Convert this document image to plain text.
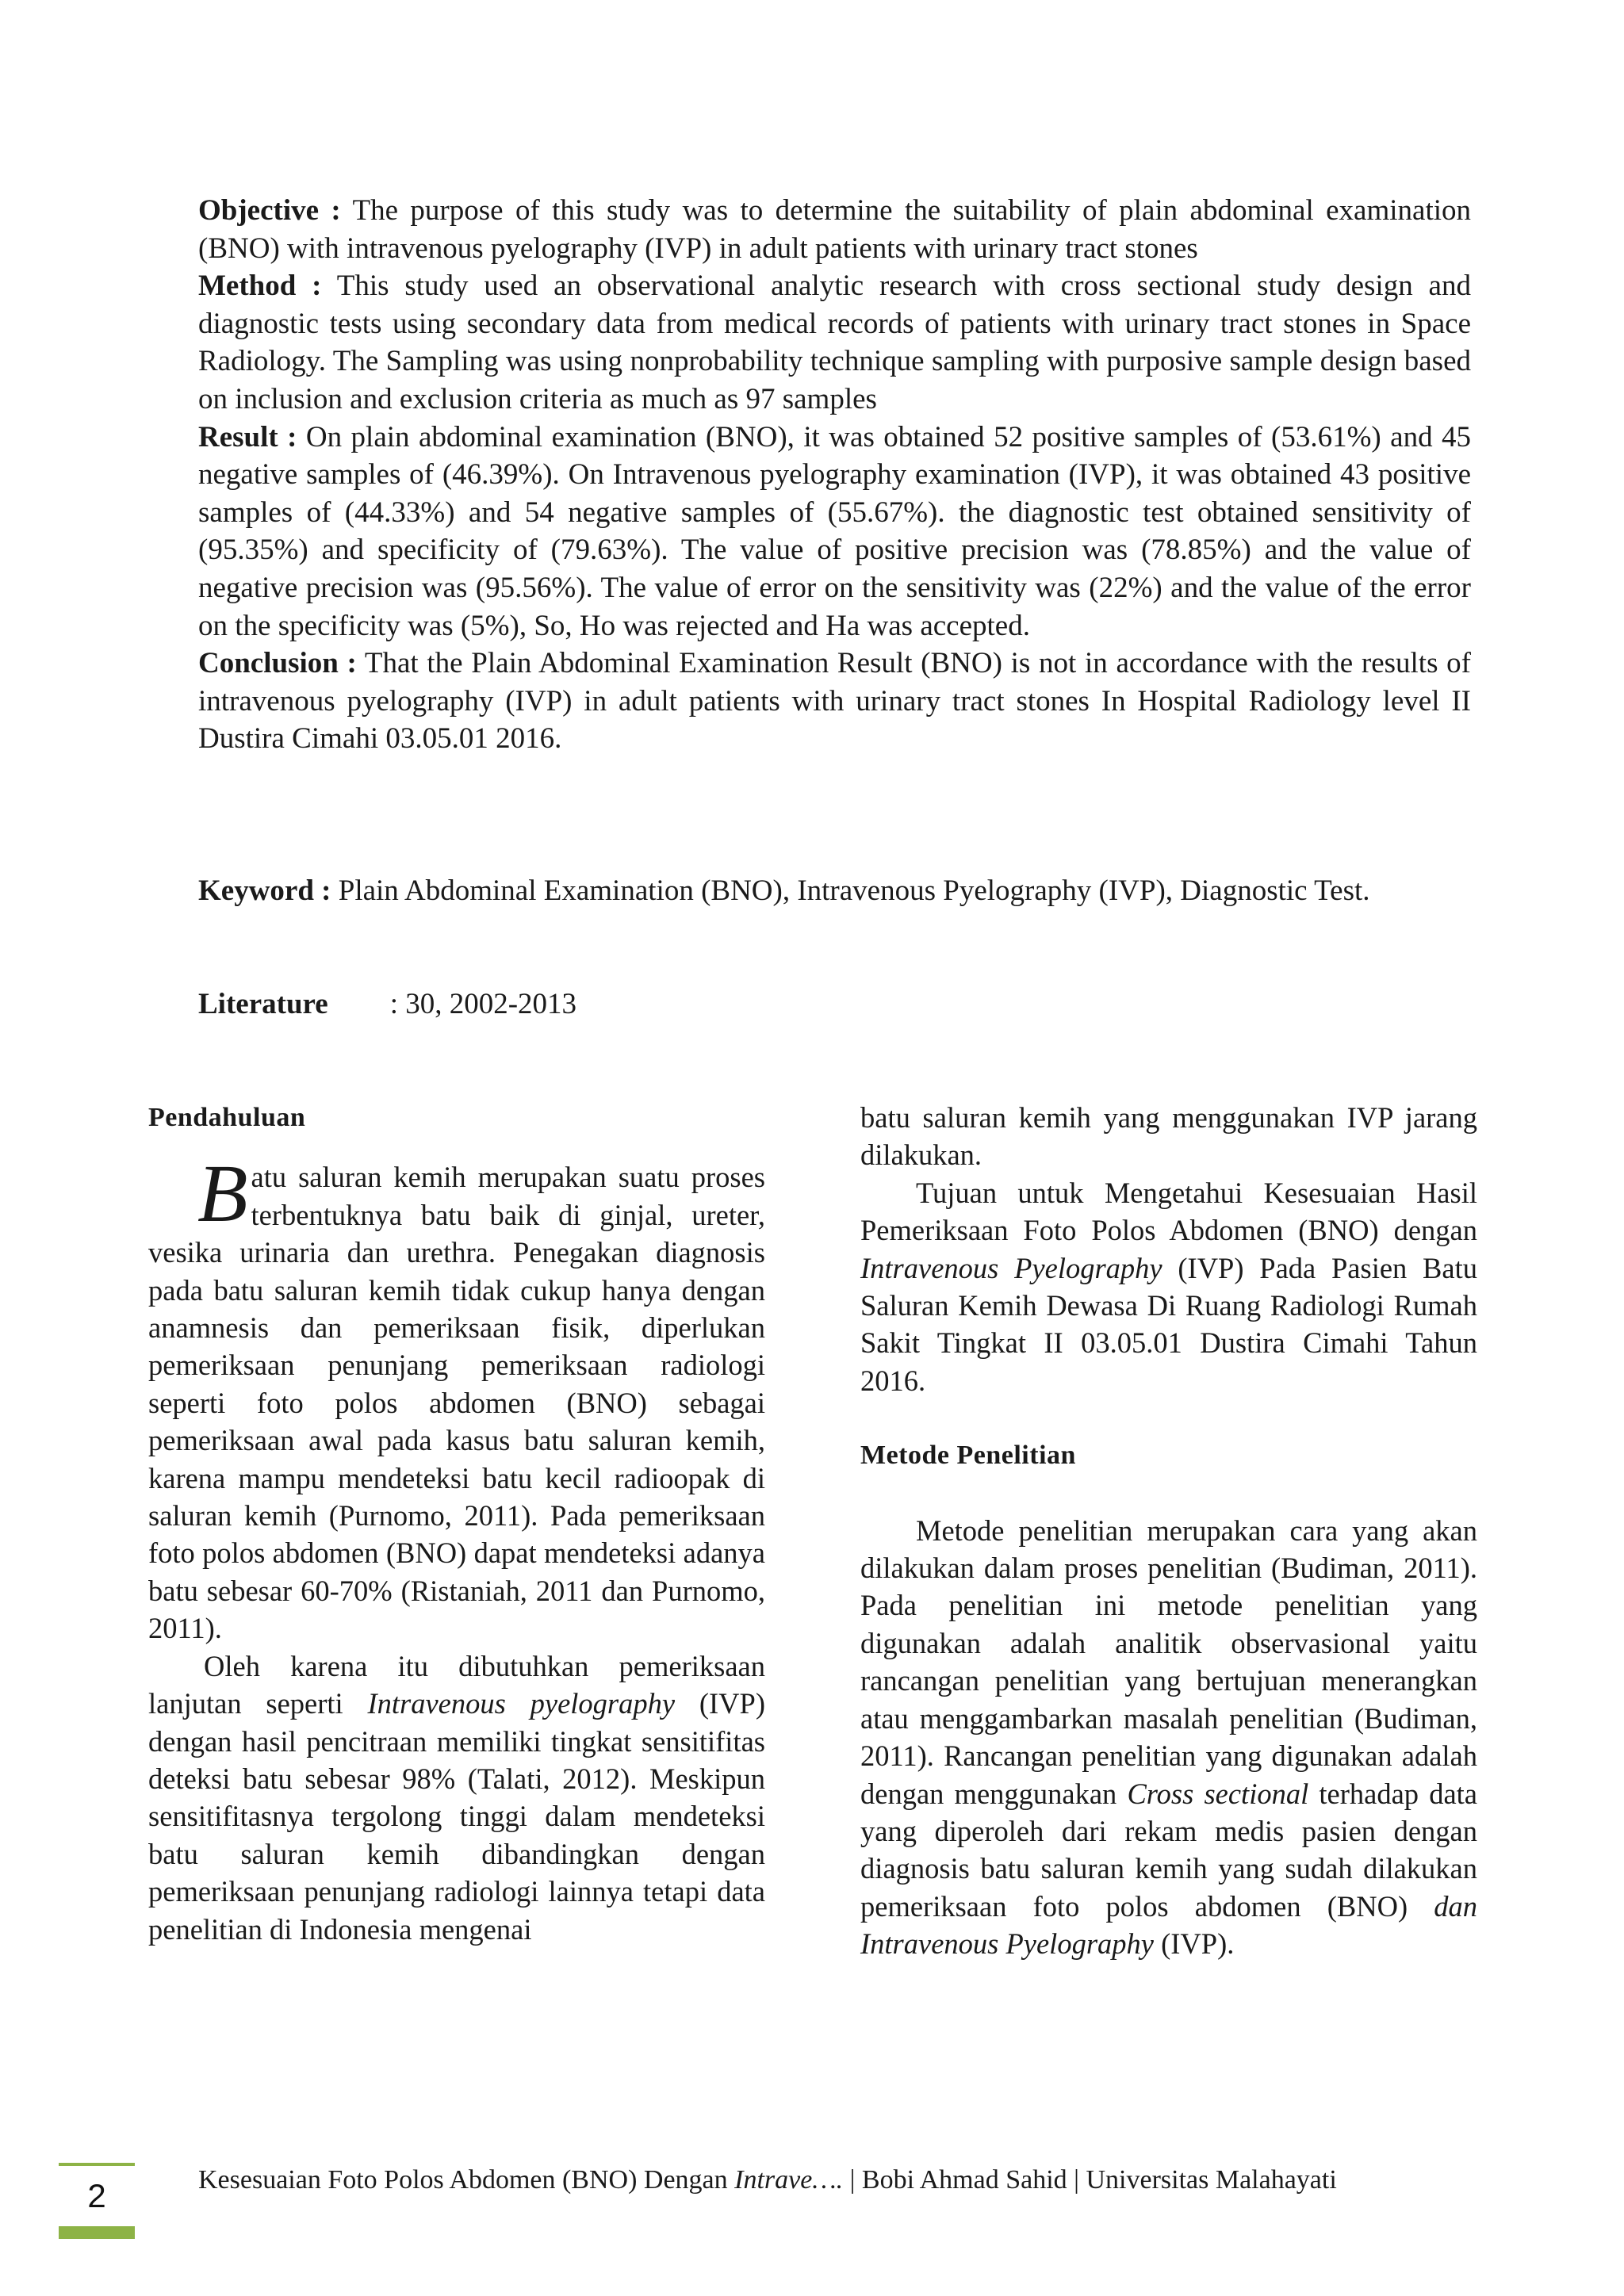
Objective : The purpose of this study was to determine the suitability of plain abdominal examination (BNO) with intravenous pyelography (IVP) in adult patients with urinary tract stones

Method : This study used an observational analytic research with cross sectional study design and diagnostic tests using secondary data from medical records of patients with urinary tract stones in Space Radiology. The Sampling was using nonprobability technique sampling with purposive sample design based on inclusion and exclusion criteria as much as 97 samples

Result : On plain abdominal examination (BNO), it was obtained 52 positive samples of (53.61%) and 45 negative samples of (46.39%). On Intravenous pyelography examination (IVP), it was obtained 43 positive samples of (44.33%) and 54 negative samples of (55.67%). the diagnostic test obtained sensitivity of (95.35%) and specificity of (79.63%). The value of positive precision was (78.85%) and the value of negative precision was (95.56%). The value of error on the sensitivity was (22%) and the value of the error on the specificity was (5%), So, Ho was rejected and Ha was accepted.

Conclusion : That the Plain Abdominal Examination Result (BNO) is not in accordance with the results of intravenous pyelography (IVP) in adult patients with urinary tract stones In Hospital Radiology level II Dustira Cimahi 03.05.01 2016.

Keyword : Plain Abdominal Examination (BNO), Intravenous Pyelography (IVP), Diagnostic Test.

Literature : 30, 2002-2013

Pendahuluan

Batu saluran kemih merupakan suatu proses terbentuknya batu baik di ginjal, ureter, vesika urinaria dan urethra. Penegakan diagnosis pada batu saluran kemih tidak cukup hanya dengan anamnesis dan pemeriksaan fisik, diperlukan pemeriksaan penunjang pemeriksaan radiologi seperti foto polos abdomen (BNO) sebagai pemeriksaan awal pada kasus batu saluran kemih, karena mampu mendeteksi batu kecil radioopak di saluran kemih (Purnomo, 2011). Pada pemeriksaan foto polos abdomen (BNO) dapat mendeteksi adanya batu sebesar 60-70% (Ristaniah, 2011 dan Purnomo, 2011).

Oleh karena itu dibutuhkan pemeriksaan lanjutan seperti Intravenous pyelography (IVP) dengan hasil pencitraan memiliki tingkat sensitifitas deteksi batu sebesar 98% (Talati, 2012). Meskipun sensitifitasnya tergolong tinggi dalam mendeteksi batu saluran kemih dibandingkan dengan pemeriksaan penunjang radiologi lainnya tetapi data penelitian di Indonesia mengenai

batu saluran kemih yang menggunakan IVP jarang dilakukan.

Tujuan untuk Mengetahui Kesesuaian Hasil Pemeriksaan Foto Polos Abdomen (BNO) dengan Intravenous Pyelography (IVP) Pada Pasien Batu Saluran Kemih Dewasa Di Ruang Radiologi Rumah Sakit Tingkat II 03.05.01 Dustira Cimahi Tahun 2016.

Metode Penelitian

Metode penelitian merupakan cara yang akan dilakukan dalam proses penelitian (Budiman, 2011). Pada penelitian ini metode penelitian yang digunakan adalah analitik observasional yaitu rancangan penelitian yang bertujuan menerangkan atau menggambarkan masalah penelitian (Budiman, 2011). Rancangan penelitian yang digunakan adalah dengan menggunakan Cross sectional terhadap data yang diperoleh dari rekam medis pasien dengan diagnosis batu saluran kemih yang sudah dilakukan pemeriksaan foto polos abdomen (BNO) dan Intravenous Pyelography (IVP).

2	Kesesuaian Foto Polos Abdomen (BNO) Dengan Intrave…. | Bobi Ahmad Sahid | Universitas Malahayati
